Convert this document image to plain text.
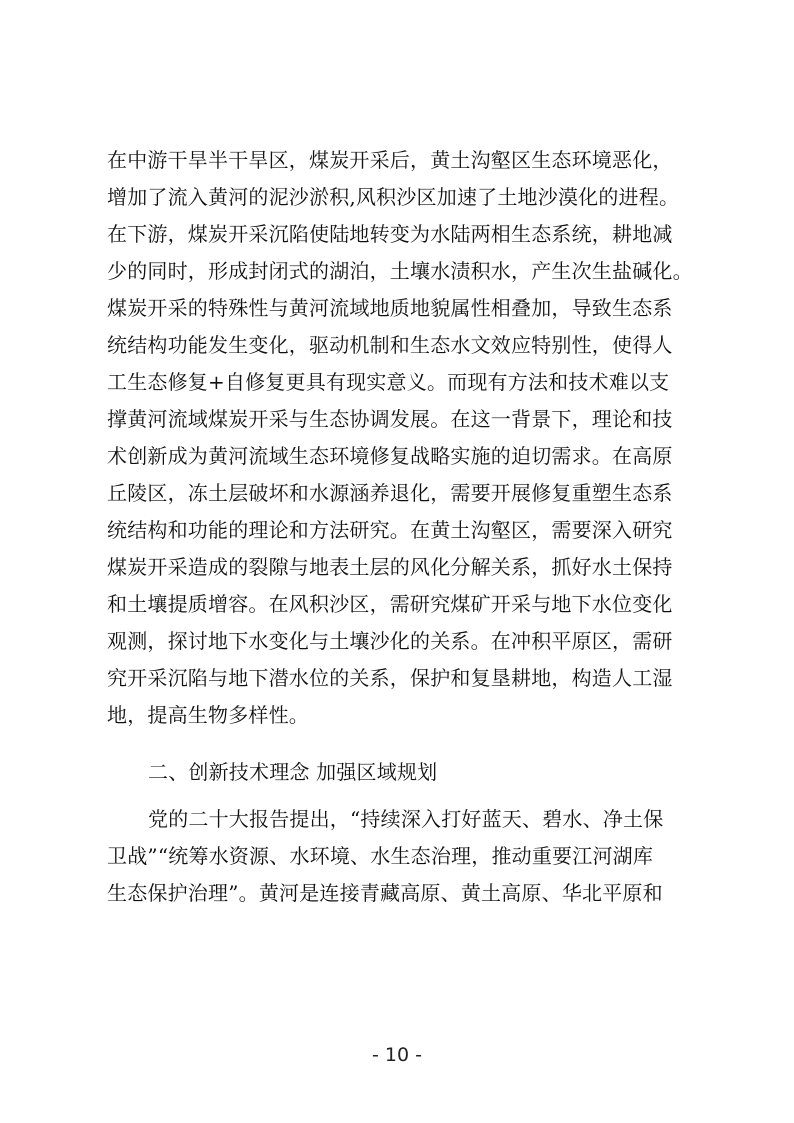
在中游干旱半干旱区，煤炭开采后，黄土沟壑区生态环境恶化，
增加了流入黄河的泥沙淤积,风积沙区加速了土地沙漠化的进程。
在下游，煤炭开采沉陷使陆地转变为水陆两相生态系统，耕地减
少的同时，形成封闭式的湖泊，土壤水渍积水，产生次生盐碱化。
煤炭开采的特殊性与黄河流域地质地貌属性相叠加，导致生态系
统结构功能发生变化，驱动机制和生态水文效应特别性，使得人
工生态修复+自修复更具有现实意义。而现有方法和技术难以支
撑黄河流域煤炭开采与生态协调发展。在这一背景下，理论和技
术创新成为黄河流域生态环境修复战略实施的迫切需求。在高原
丘陵区，冻土层破坏和水源涵养退化，需要开展修复重塑生态系
统结构和功能的理论和方法研究。在黄土沟壑区，需要深入研究
煤炭开采造成的裂隙与地表土层的风化分解关系，抓好水土保持
和土壤提质增容。在风积沙区，需研究煤矿开采与地下水位变化
观测，探讨地下水变化与土壤沙化的关系。在冲积平原区，需研
究开采沉陷与地下潜水位的关系，保护和复垦耕地，构造人工湿
地，提高生物多样性。
二、创新技术理念 加强区域规划
党的二十大报告提出，“持续深入打好蓝天、碧水、净土保
卫战”“统筹水资源、水环境、水生态治理，推动重要江河湖库
生态保护治理”。黄河是连接青藏高原、黄土高原、华北平原和
- 10 -
